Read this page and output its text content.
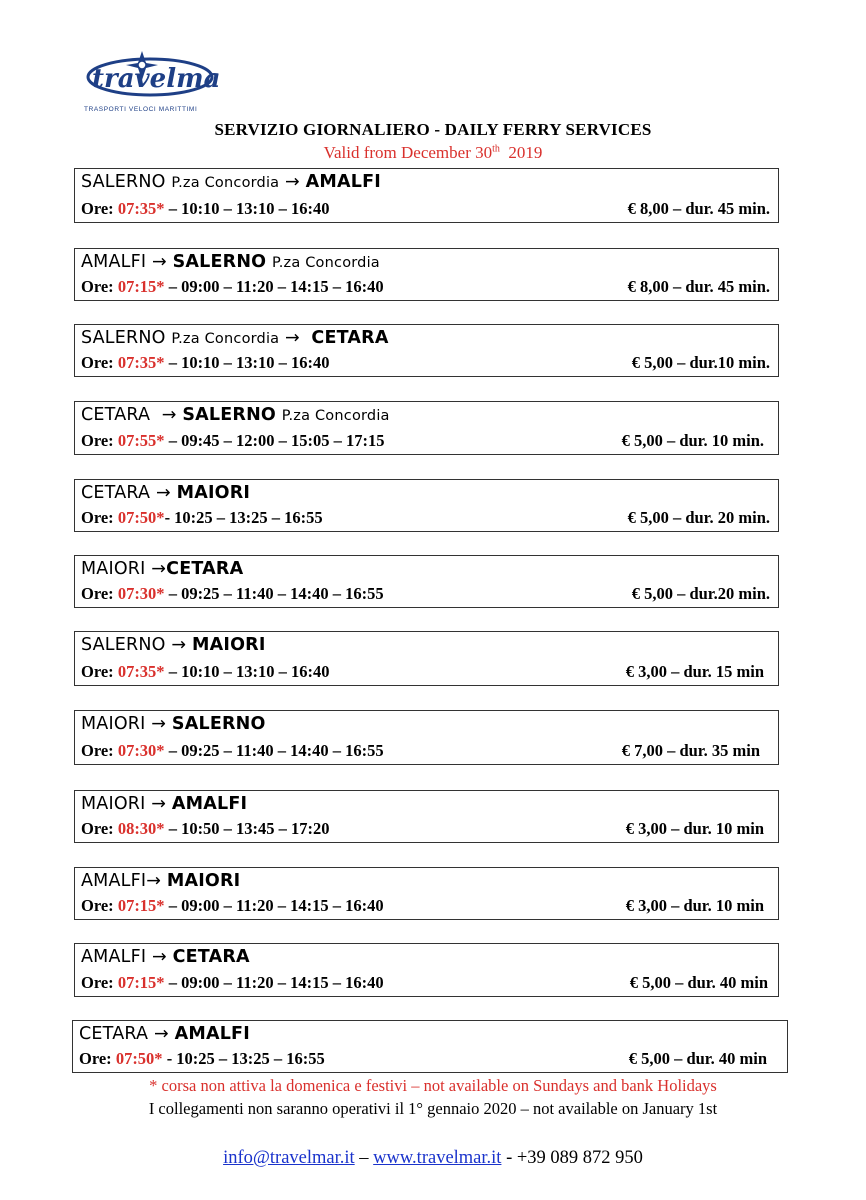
travelmar
TRASPORTI VELOCI MARITTIMI
SERVIZIO GIORNALIERO - DAILY FERRY SERVICES
Valid from December 30th 2019
SALERNO P.za Concordia → AMALFI
Ore: 07:35* – 10:10 – 13:10 – 16:40	€ 8,00 – dur. 45 min.
AMALFI → SALERNO P.za Concordia
Ore: 07:15* – 09:00 – 11:20 – 14:15 – 16:40	€ 8,00 – dur. 45 min.
SALERNO P.za Concordia →  CETARA
Ore: 07:35* – 10:10 – 13:10 – 16:40	€ 5,00 – dur.10 min.
CETARA  → SALERNO P.za Concordia
Ore: 07:55* – 09:45 – 12:00 – 15:05 – 17:15	€ 5,00 – dur. 10 min.
CETARA → MAIORI
Ore: 07:50*- 10:25 – 13:25 – 16:55	€ 5,00 – dur. 20 min.
MAIORI →CETARA
Ore: 07:30* – 09:25 – 11:40 – 14:40 – 16:55	€ 5,00 – dur.20 min.
SALERNO → MAIORI
Ore: 07:35* – 10:10 – 13:10 – 16:40	€ 3,00 – dur. 15 min
MAIORI → SALERNO
Ore: 07:30* – 09:25 – 11:40 – 14:40 – 16:55	€ 7,00 – dur. 35 min
MAIORI → AMALFI
Ore: 08:30* – 10:50 – 13:45 – 17:20	€ 3,00 – dur. 10 min
AMALFI→ MAIORI
Ore: 07:15* – 09:00 – 11:20 – 14:15 – 16:40	€ 3,00 – dur. 10 min
AMALFI → CETARA
Ore: 07:15* – 09:00 – 11:20 – 14:15 – 16:40	€ 5,00 – dur. 40 min
CETARA → AMALFI
Ore: 07:50* - 10:25 – 13:25 – 16:55	€ 5,00 – dur. 40 min
* corsa non attiva la domenica e festivi – not available on Sundays and bank Holidays
I collegamenti non saranno operativi il 1° gennaio 2020 – not available on January 1st
info@travelmar.it – www.travelmar.it - +39 089 872 950
